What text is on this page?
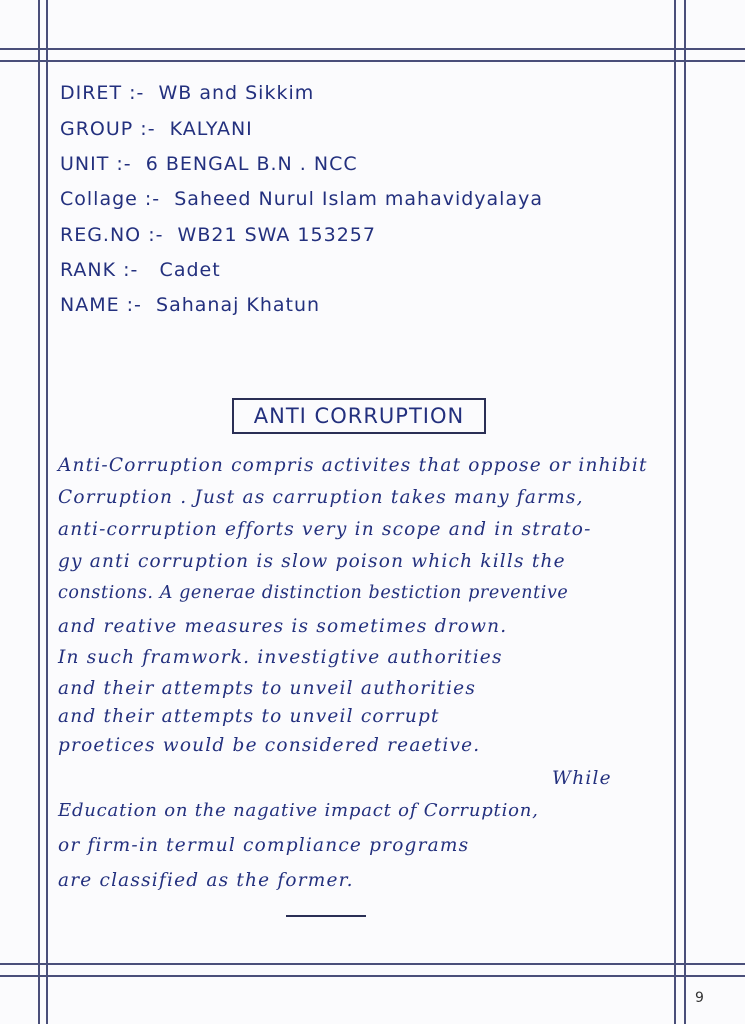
DIRET :- WB and Sikkim
GROUP :- KALYANI
UNIT :- 6 BENGAL B.N . NCC
Collage :- Saheed Nurul Islam mahavidyalaya
REG.NO :- WB21 SWA 153257
RANK :- Cadet
NAME :- Sahanaj Khatun
ANTI CORRUPTION
Anti-Corruption compris activites that oppose or inhibit
Corruption . Just as carruption takes many farms,
anti-corruption efforts very in scope and in strato-
gy anti corruption is slow poison which kills the
constions. A generae distinction bestiction preventive
and reative measures is sometimes drown.
In such framwork. investigtive authorities
and their attempts to unveil authorities
and their attempts to unveil corrupt
proetices would be considered reaetive.
While
Education on the nagative impact of Corruption,
or firm-in termul compliance programs
are classified as the former.
9
